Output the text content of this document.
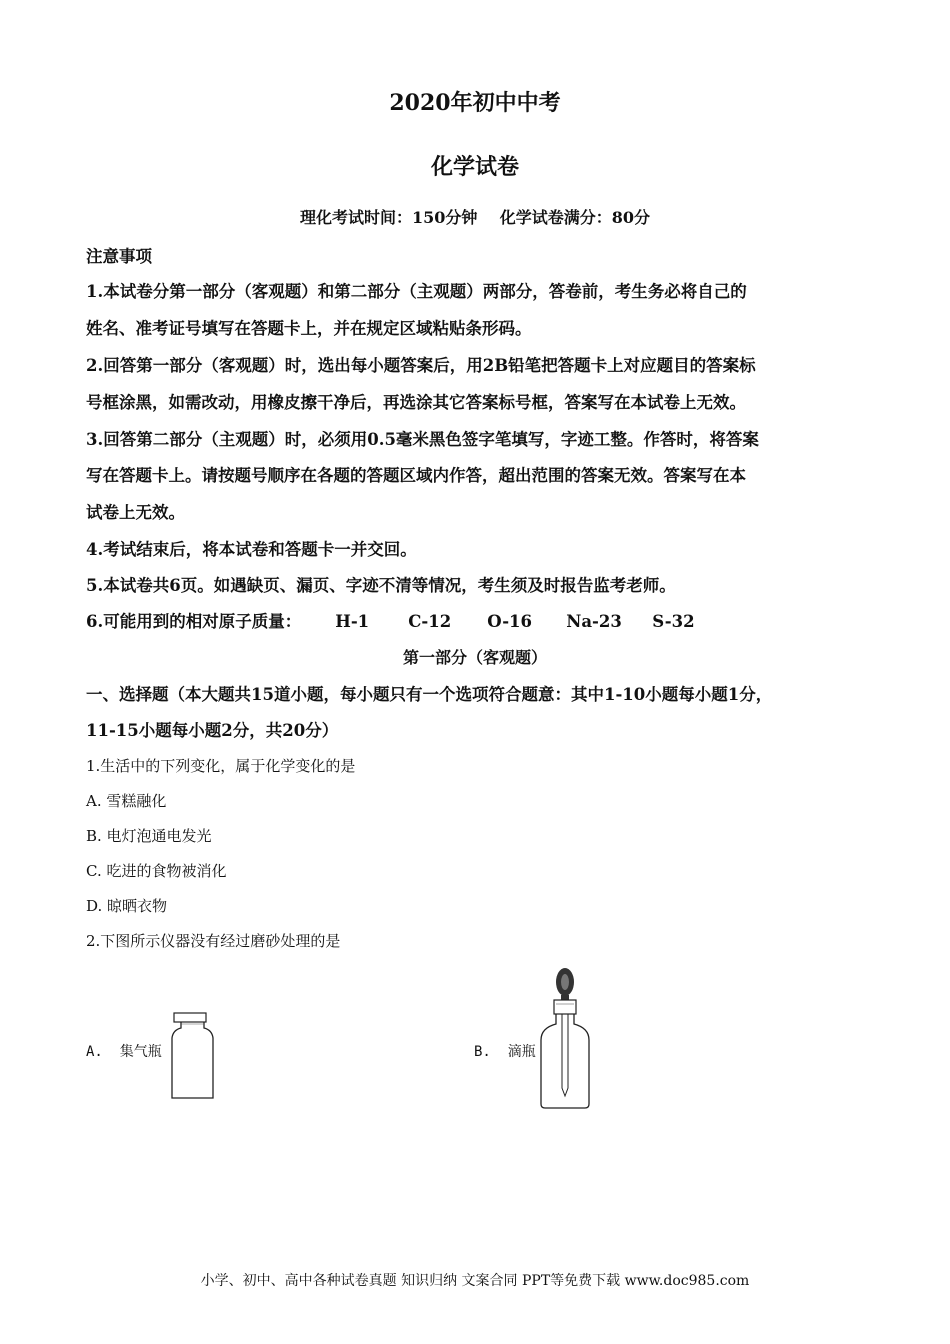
2020年初中中考
化学试卷
理化考试时间：150分钟    化学试卷满分：80分
注意事项
1.本试卷分第一部分（客观题）和第二部分（主观题）两部分，答卷前，考生务必将自己的
姓名、准考证号填写在答题卡上，并在规定区域粘贴条形码。
2.回答第一部分（客观题）时，选出每小题答案后，用2B铅笔把答题卡上对应题目的答案标
号框涂黑，如需改动，用橡皮擦干净后，再选涂其它答案标号框，答案写在本试卷上无效。
3.回答第二部分（主观题）时，必须用0.5毫米黑色签字笔填写，字迹工整。作答时，将答案
写在答题卡上。请按题号顺序在各题的答题区域内作答，超出范围的答案无效。答案写在本
试卷上无效。
4.考试结束后，将本试卷和答题卡一并交回。
5.本试卷共6页。如遇缺页、漏页、字迹不清等情况，考生须及时报告监考老师。
6.可能用到的相对原子质量： H-1 C-12 O-16 Na-23 S-32
第一部分（客观题）
一、选择题（本大题共15道小题，每小题只有一个选项符合题意：其中1-10小题每小题1分，
11-15小题每小题2分，共20分）
1.生活中的下列变化，属于化学变化的是
A. 雪糕融化
B. 电灯泡通电发光
C. 吃进的食物被消化
D. 晾晒衣物
2.下图所示仪器没有经过磨砂处理的是
A.  集气瓶	B.  滴瓶
小学、初中、高中各种试卷真题 知识归纳 文案合同 PPT等免费下载 www.doc985.com
